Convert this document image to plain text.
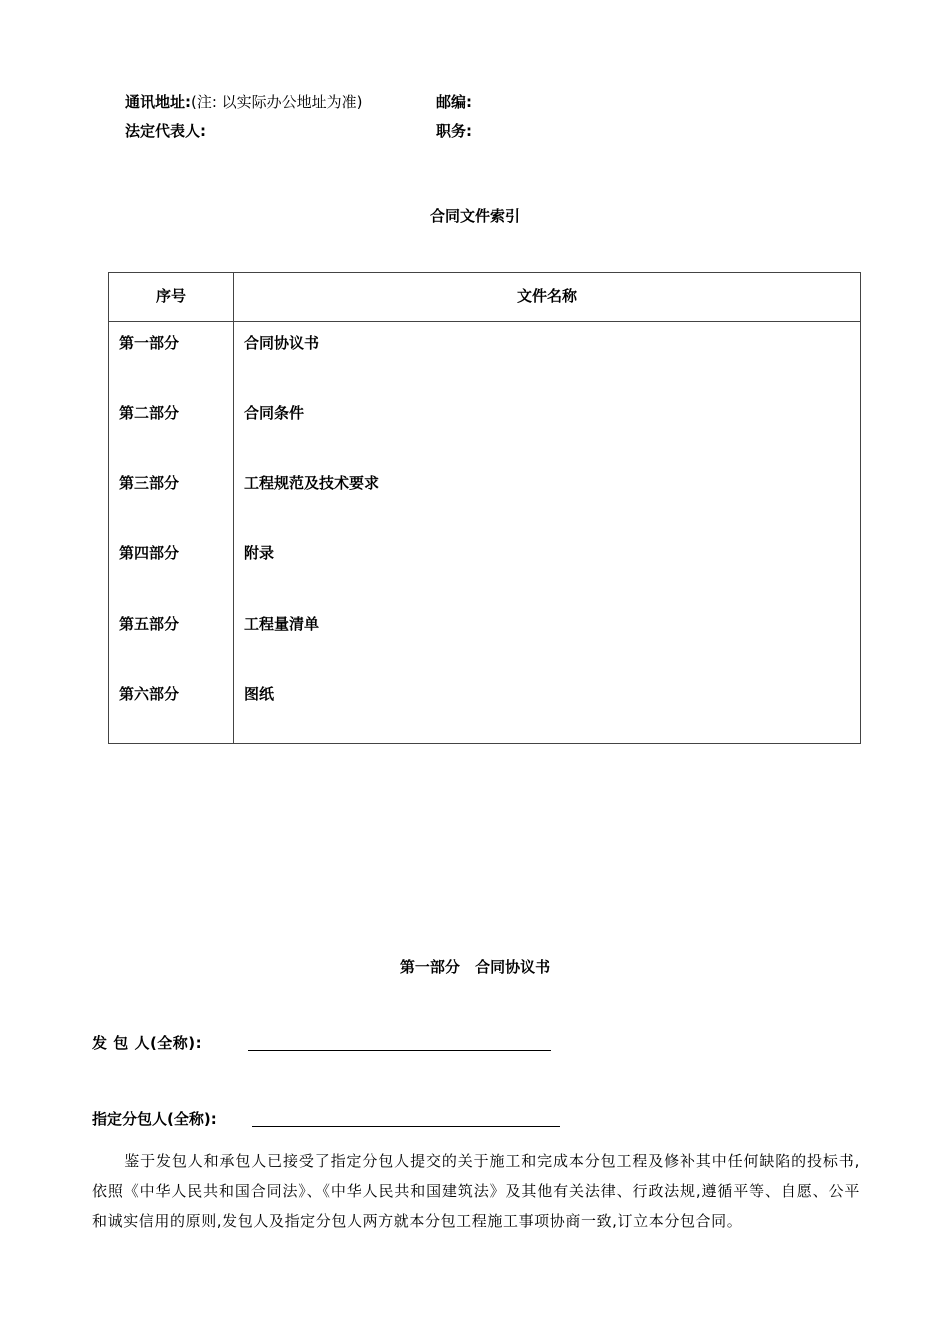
通讯地址:(注: 以实际办公地址为准)	邮编:
法定代表人:	职务:
合同文件索引
序号	文件名称
第一部分	合同协议书
第二部分	合同条件
第三部分	工程规范及技术要求
第四部分	附录
第五部分	工程量清单
第六部分	图纸
第一部分 合同协议书
发 包 人(全称):
指定分包人(全称):
鉴于发包人和承包人已接受了指定分包人提交的关于施工和完成本分包工程及修补其中任何缺陷的投标书,依照《中华人民共和国合同法》、《中华人民共和国建筑法》及其他有关法律、行政法规,遵循平等、自愿、公平和诚实信用的原则,发包人及指定分包人两方就本分包工程施工事项协商一致,订立本分包合同。
